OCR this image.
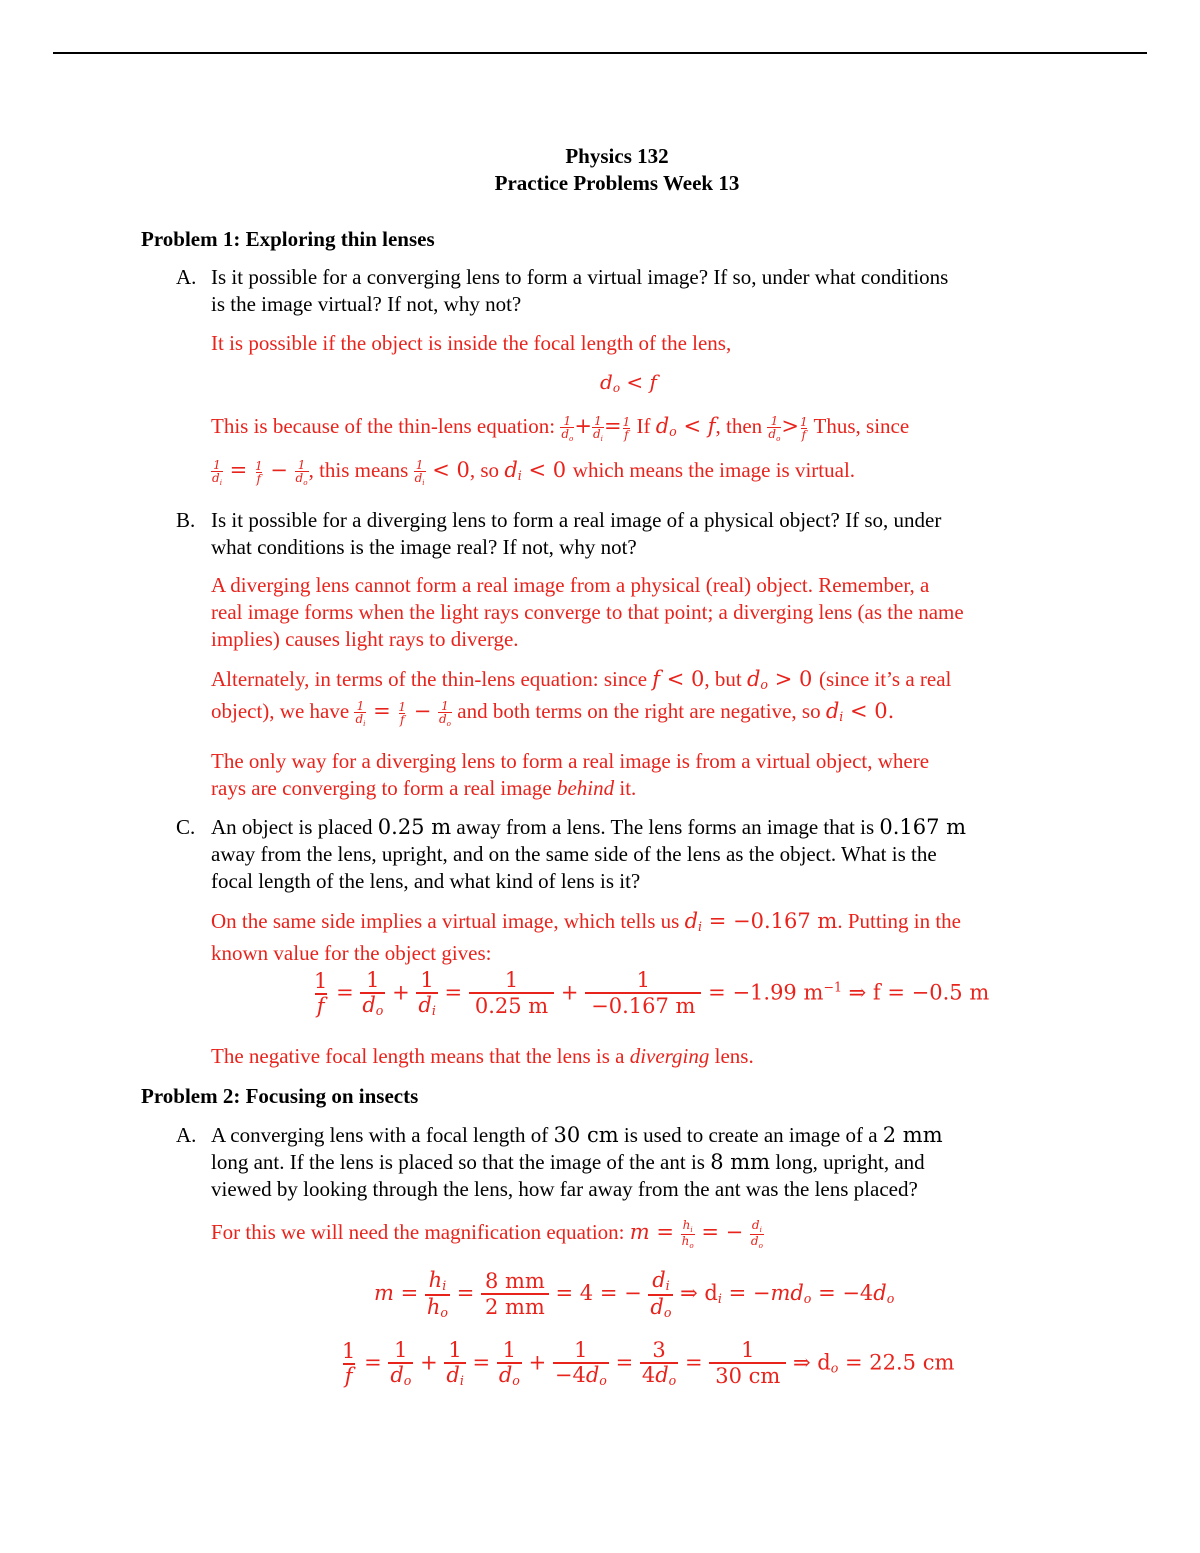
Physics 132
Practice Problems Week 13
Problem 1: Exploring thin lenses
A. Is it possible for a converging lens to form a virtual image? If so, under what conditions
is the image virtual? If not, why not?
It is possible if the object is inside the focal length of the lens,
$d_o < f$
This is because of the thin-lens equation: $\frac{1}{d_o} + \frac{1}{d_i} = \frac{1}{f}$ If $d_o < f$, then $\frac{1}{d_o} > \frac{1}{f}$ Thus, since
$\frac{1}{d_i} = \frac{1}{f} - \frac{1}{d_o}$ , this means $\frac{1}{d_i} < 0$, so $d_i < 0$ which means the image is virtual.
B. Is it possible for a diverging lens to form a real image of a physical object? If so, under
what conditions is the image real? If not, why not?
A diverging lens cannot form a real image from a physical (real) object. Remember, a
real image forms when the light rays converge to that point; a diverging lens (as the name
implies) causes light rays to diverge.
Alternately, in terms of the thin-lens equation: since f < 0, but $d_o > 0$ (since it’s a real
object), we have $\frac{1}{d_i} = \frac{1}{f} - \frac{1}{d_o}$ and both terms on the right are negative, so $d_i < 0$.
The only way for a diverging lens to form a real image is from a virtual object, where
rays are converging to form a real image behind it.
C. An object is placed 0.25 m away from a lens. The lens forms an image that is 0.167 m
away from the lens, upright, and on the same side of the lens as the object. What is the
focal length of the lens, and what kind of lens is it?
On the same side implies a virtual image, which tells us $d_i = -0.167$ m. Putting in the
known value for the object gives:
$\frac{1}{f} = \frac{1}{d_o} + \frac{1}{d_i} = \frac{1}{0.25 m} + \frac{1}{-0.167 m} = -1.99$ $m^{-1}$ ⇒ f = −0.5 m
The negative focal length means that the lens is a diverging lens.
Problem 2: Focusing on insects
A. A converging lens with a focal length of 30 cm is used to create an image of a 2 mm
long ant. If the lens is placed so that the image of the ant is 8 mm long, upright, and
viewed by looking through the lens, how far away from the ant was the lens placed?
For this we will need the magnification equation: $m = \frac{h_i}{h_o}$ = − $\frac{d_i}{d_o}$
$m = \frac{h_i}{h_o} = \frac{8 mm}{2 mm} = 4$ = − $\frac{d_i}{d_o}$ ⇒ $d_i = -md_o = -4d_o$
$\frac{1}{f} = \frac{1}{d_o} + \frac{1}{d_i} = \frac{1}{d_o} + \frac{1}{-4d_o} = \frac{3}{4d_o} = \frac{1}{30 cm}$ ⇒ $d_o = 22.5$ cm
